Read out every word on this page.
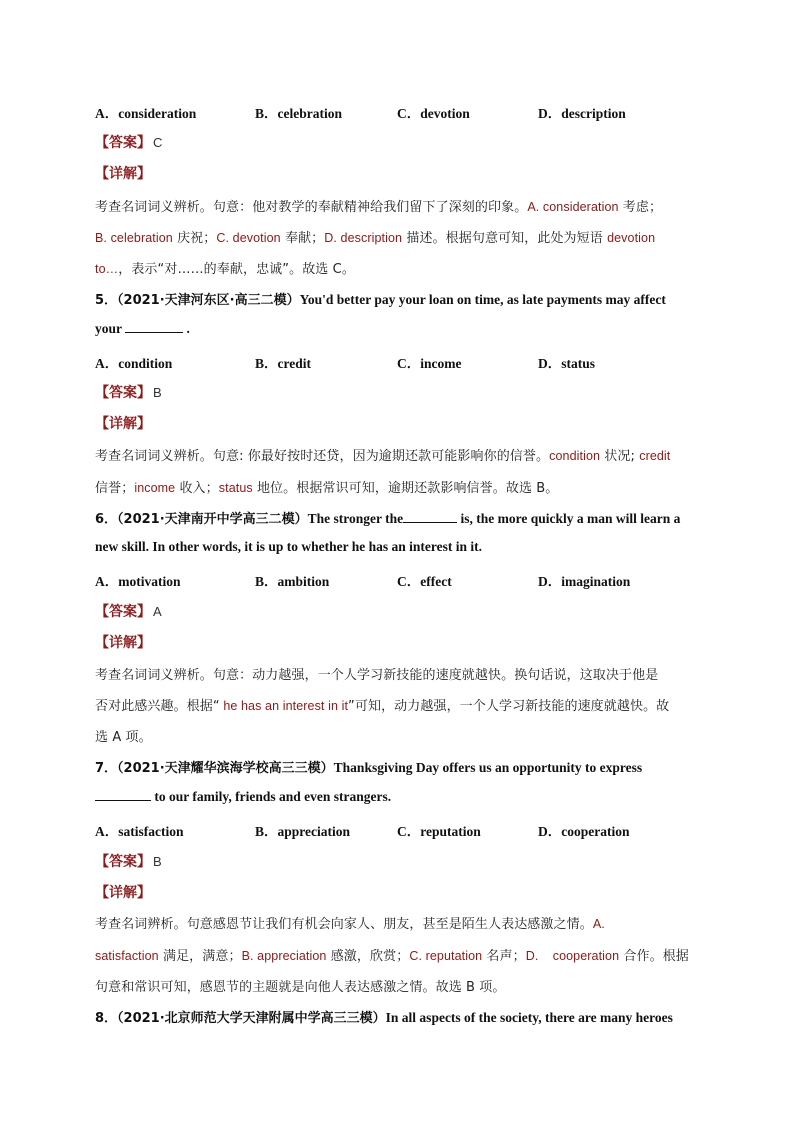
A．consideration	B．celebration	C．devotion	D．description
【答案】 C
【详解】
考查名词词义辨析。句意：他对教学的奉献精神给我们留下了深刻的印象。A. consideration 考虑；
B. celebration 庆祝；C. devotion 奉献；D. description 描述。根据句意可知，此处为短语 devotion
to…，表示“对……的奉献，忠诚”。故选 C。
5．（2021·天津河东区·高三二模）You'd better pay your loan on time, as late payments may affect
your	.
A．condition	B．credit	C．income	D．status
【答案】 B
【详解】
考查名词词义辨析。句意: 你最好按时还贷，因为逾期还款可能影响你的信誉。condition 状况; credit
信誉；income 收入；status 地位。根据常识可知，逾期还款影响信誉。故选 B。
6．（2021·天津南开中学高三二模）The stronger the	is, the more quickly a man will learn a
new skill. In other words, it is up to whether he has an interest in it.
A．motivation	B．ambition	C．effect	D．imagination
【答案】 A
【详解】
考查名词词义辨析。句意：动力越强，一个人学习新技能的速度就越快。换句话说，这取决于他是
否对此感兴趣。根据“ he has an interest in it”可知，动力越强，一个人学习新技能的速度就越快。故
选 A 项。
7．（2021·天津耀华滨海学校高三三模）Thanksgiving Day offers us an opportunity to express
to our family, friends and even strangers.
A．satisfaction	B．appreciation	C．reputation	D．cooperation
【答案】 B
【详解】
考查名词辨析。句意感恩节让我们有机会向家人、朋友，甚至是陌生人表达感激之情。A.
satisfaction 满足，满意；B. appreciation 感激，欣赏；C. reputation 名声；D.    cooperation 合作。根据
句意和常识可知，感恩节的主题就是向他人表达感激之情。故选 B 项。
8．（2021·北京师范大学天津附属中学高三三模）In all aspects of the society, there are many heroes
